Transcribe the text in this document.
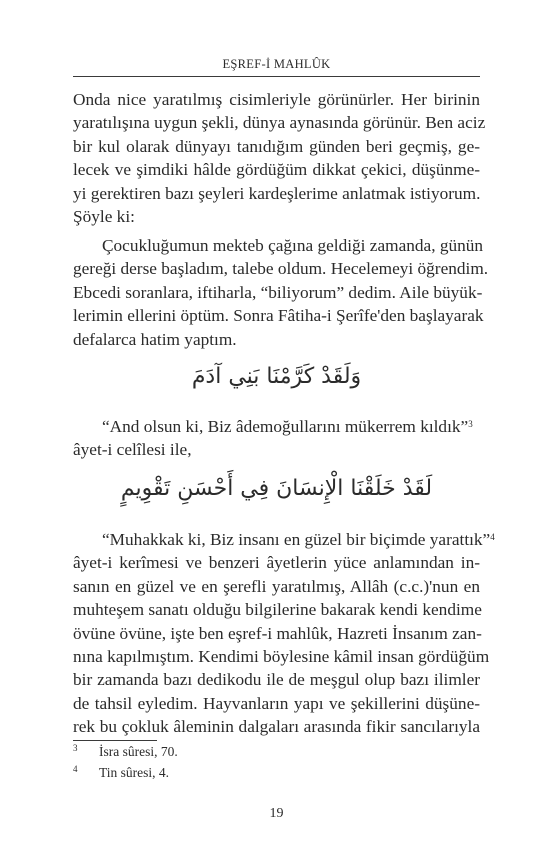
EŞREF-İ MAHLÛK
Onda nice yaratılmış cisimleriyle görünürler. Her birinin
yaratılışına uygun şekli, dünya aynasında görünür. Ben aciz
bir kul olarak dünyayı tanıdığım günden beri geçmiş, ge-
lecek ve şimdiki hâlde gördüğüm dikkat çekici, düşünme-
yi gerektiren bazı şeyleri kardeşlerime anlatmak istiyorum.
Şöyle ki:
Çocukluğumun mekteb çağına geldiği zamanda, günün
gereği derse başladım, talebe oldum. Hecelemeyi öğrendim.
Ebcedi soranlara, iftiharla, “biliyorum” dedim. Aile büyük-
lerimin ellerini öptüm. Sonra Fâtiha-i Şerîfe'den başlayarak
defalarca hatim yaptım.
وَلَقَدْ كَرَّمْنَا بَنِي آدَمَ
“And olsun ki, Biz âdemoğullarını mükerrem kıldık”$^3$
âyet-i celîlesi ile,
لَقَدْ خَلَقْنَا الْإِنسَانَ فِي أَحْسَنِ تَقْوِيمٍ
“Muhakkak ki, Biz insanı en güzel bir biçimde yarattık”$^4$
âyet-i kerîmesi ve benzeri âyetlerin yüce anlamından in-
sanın en güzel ve en şerefli yaratılmış, Allâh (c.c.)'nun en
muhteşem sanatı olduğu bilgilerine bakarak kendi kendime
övüne övüne, işte ben eşref-i mahlûk, Hazreti İnsanım zan-
nına kapılmıştım. Kendimi böylesine kâmil insan gördüğüm
bir zamanda bazı dedikodu ile de meşgul olup bazı ilimler
de tahsil eyledim. Hayvanların yapı ve şekillerini düşüne-
rek bu çokluk âleminin dalgaları arasında fikir sancılarıyla
3 İsra sûresi, 70.
4 Tin sûresi, 4.
19
